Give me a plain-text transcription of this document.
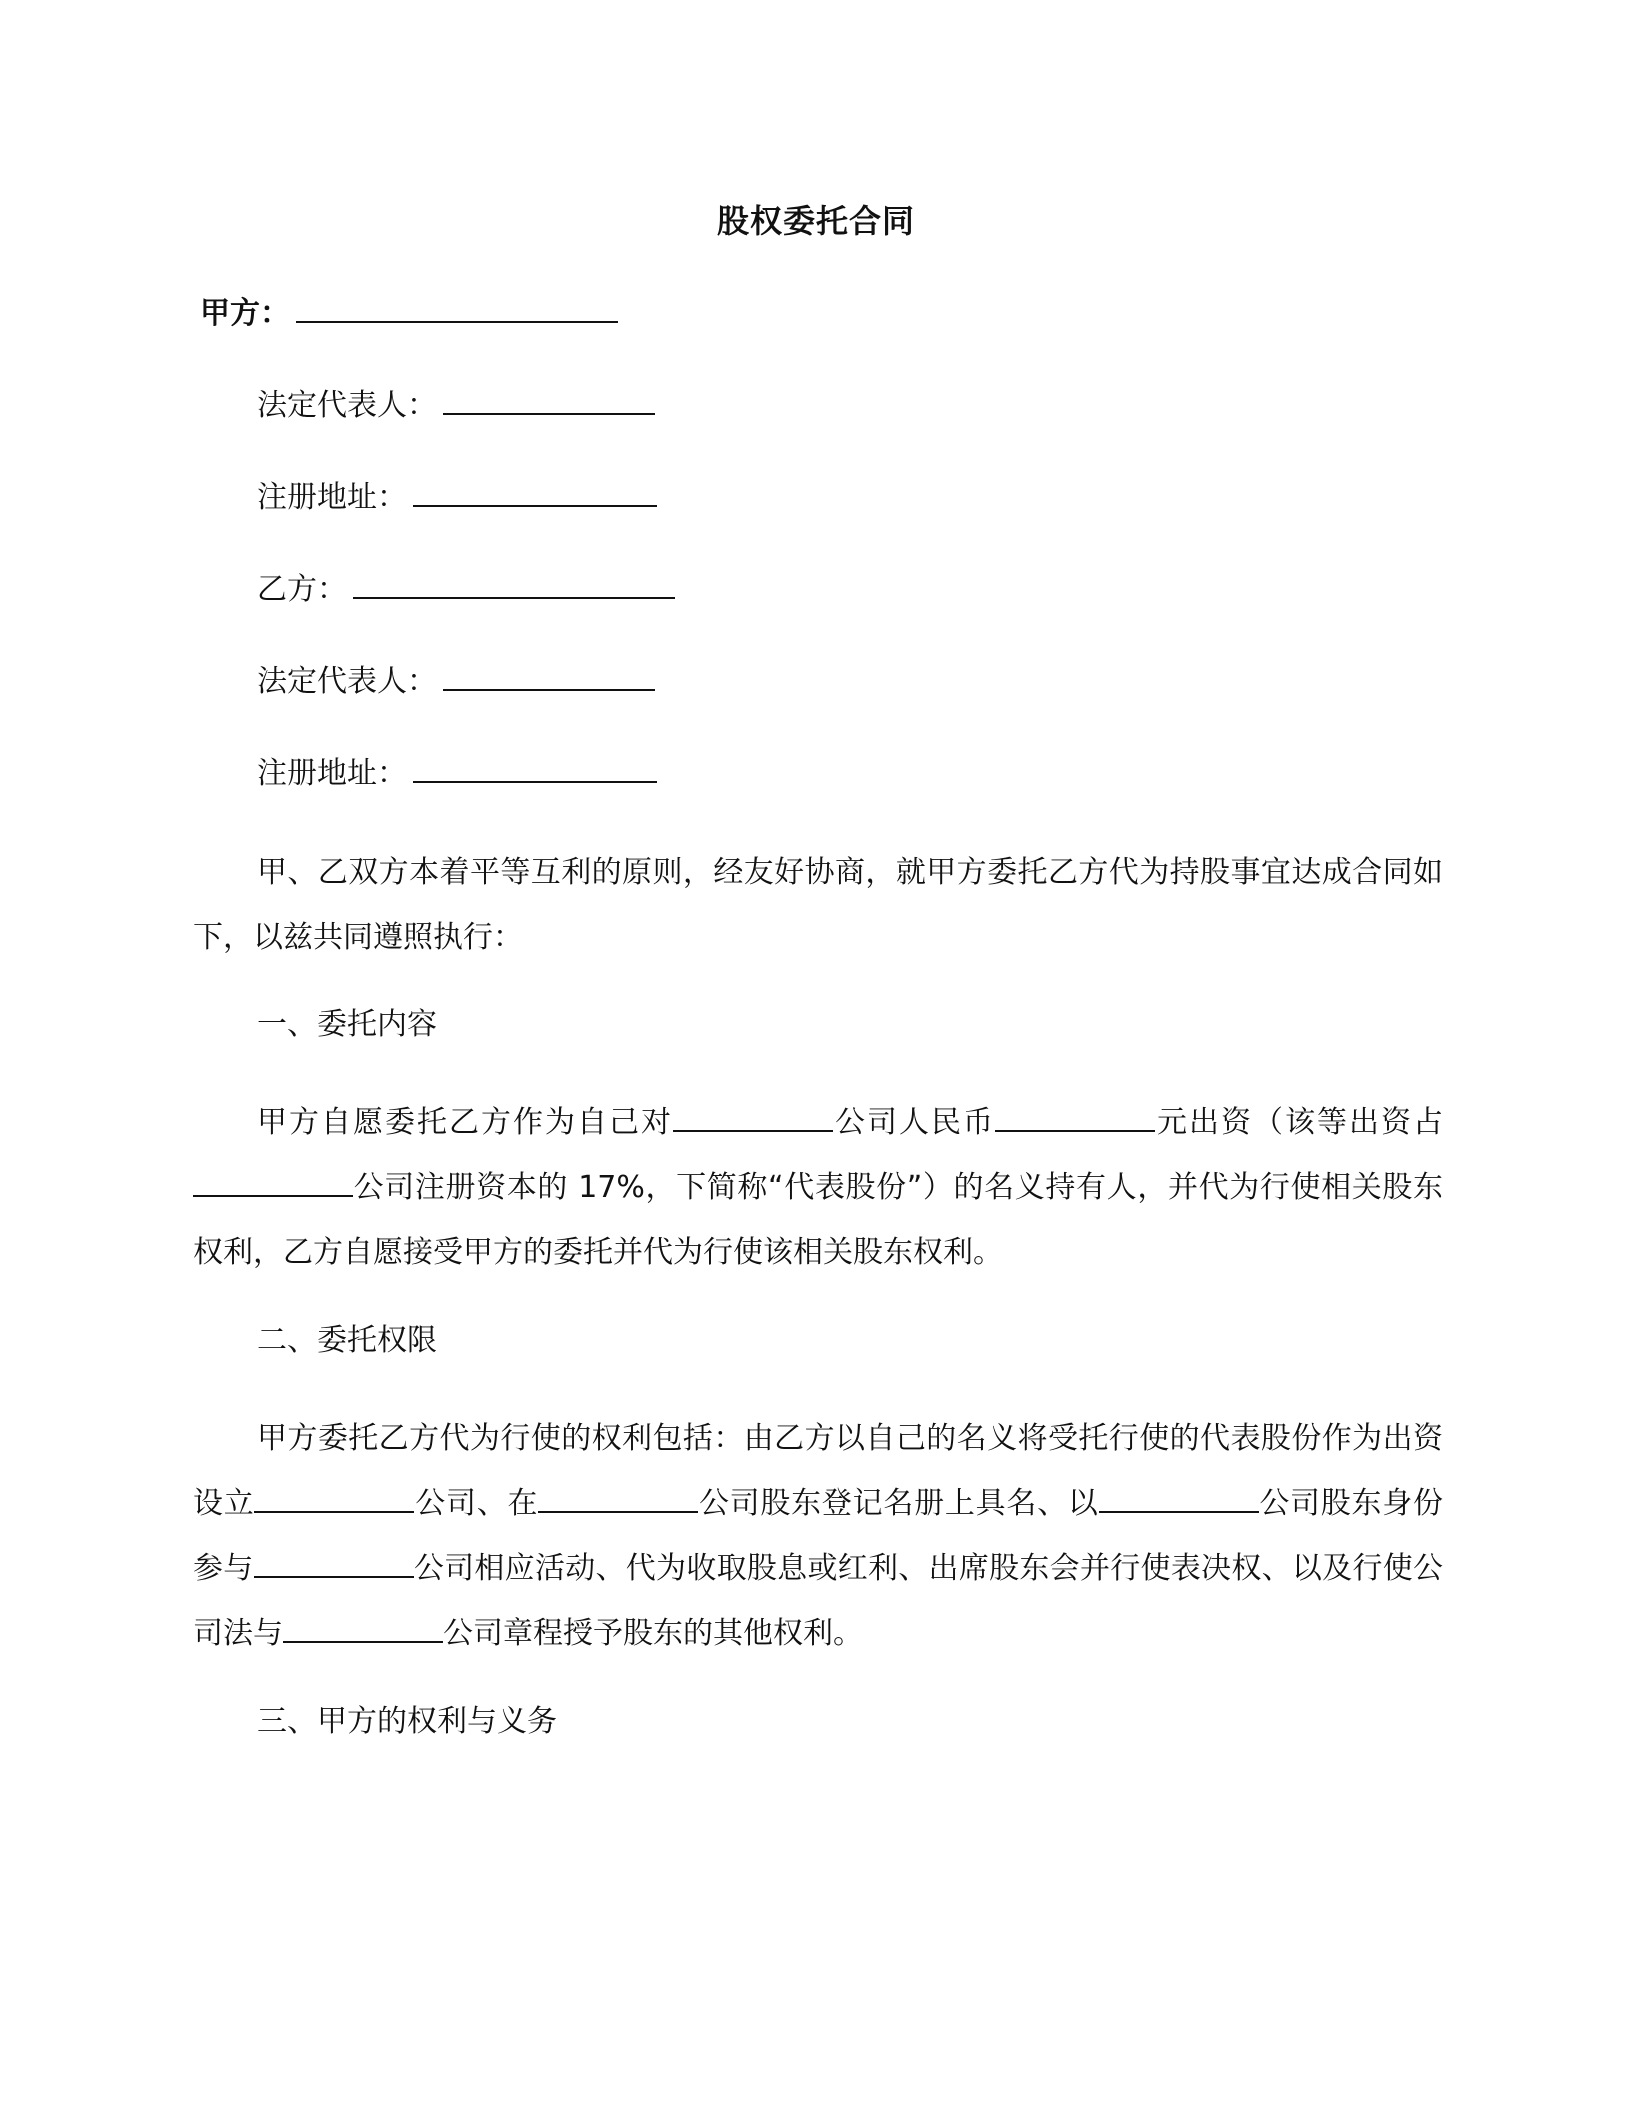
股权委托合同
甲方：
法定代表人：
注册地址：
乙方：
法定代表人：
注册地址：
甲、乙双方本着平等互利的原则，经友好协商，就甲方委托乙方代为持股事宜达成合同如下，以兹共同遵照执行：
一、委托内容
甲方自愿委托乙方作为自己对	公司人民币	元出资（该等出资占公司注册资本的 17%，下简称“代表股份”）的名义持有人，并代为行使相关股东权利，乙方自愿接受甲方的委托并代为行使该相关股东权利。
二、委托权限
甲方委托乙方代为行使的权利包括：由乙方以自己的名义将受托行使的代表股份作为出资设立	公司、在	公司股东登记名册上具名、以	公司股东身份参与	公司相应活动、代为收取股息或红利、出席股东会并行使表决权、以及行使公司法与	公司章程授予股东的其他权利。
三、甲方的权利与义务
